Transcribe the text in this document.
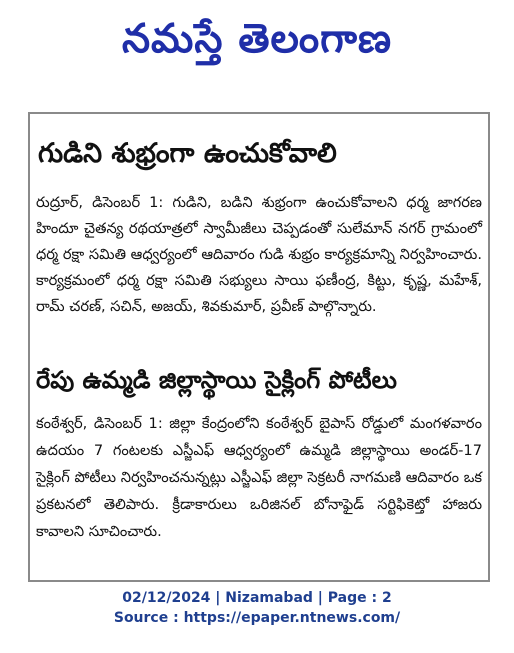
నమస్తే తెలంగాణ
గుడిని శుభ్రంగా ఉంచుకోవాలి
రుద్రూర్, డిసెంబర్ 1: గుడిని, బడిని శుభ్రంగా ఉంచుకోవాలని ధర్మ జాగరణ హిందూ చైతన్య రథయాత్రలో స్వామీజీలు చెప్పడంతో సులేమాన్ నగర్ గ్రామంలో ధర్మ రక్షా సమితి ఆధ్వర్యంలో ఆదివారం గుడి శుభ్రం కార్యక్రమాన్ని నిర్వహించారు. కార్యక్రమంలో ధర్మ రక్షా సమితి సభ్యులు సాయి ఫణీంద్ర, కిట్టు, కృష్ణ, మహేశ్, రామ్ చరణ్, సచిన్, అజయ్, శివకుమార్, ప్రవీణ్ పాల్గొన్నారు.
రేపు ఉమ్మడి జిల్లాస్థాయి సైక్లింగ్ పోటీలు
కంఠేశ్వర్, డిసెంబర్ 1: జిల్లా కేంద్రంలోని కంఠేశ్వర్ బైపాస్ రోడ్డులో మంగళవారం ఉదయం 7 గంటలకు ఎస్జీఎఫ్ ఆధ్వర్యంలో ఉమ్మడి జిల్లాస్థాయి అండర్-17 సైక్లింగ్ పోటీలు నిర్వహించనున్నట్లు ఎస్జీఎఫ్ జిల్లా సెక్రటరీ నాగమణి ఆదివారం ఒక ప్రకటనలో తెలిపారు. క్రీడాకారులు ఒరిజినల్ బోనాఫైడ్ సర్టిఫికెట్తో హాజరు కావాలని సూచించారు.
02/12/2024 | Nizamabad | Page : 2
Source : https://epaper.ntnews.com/
